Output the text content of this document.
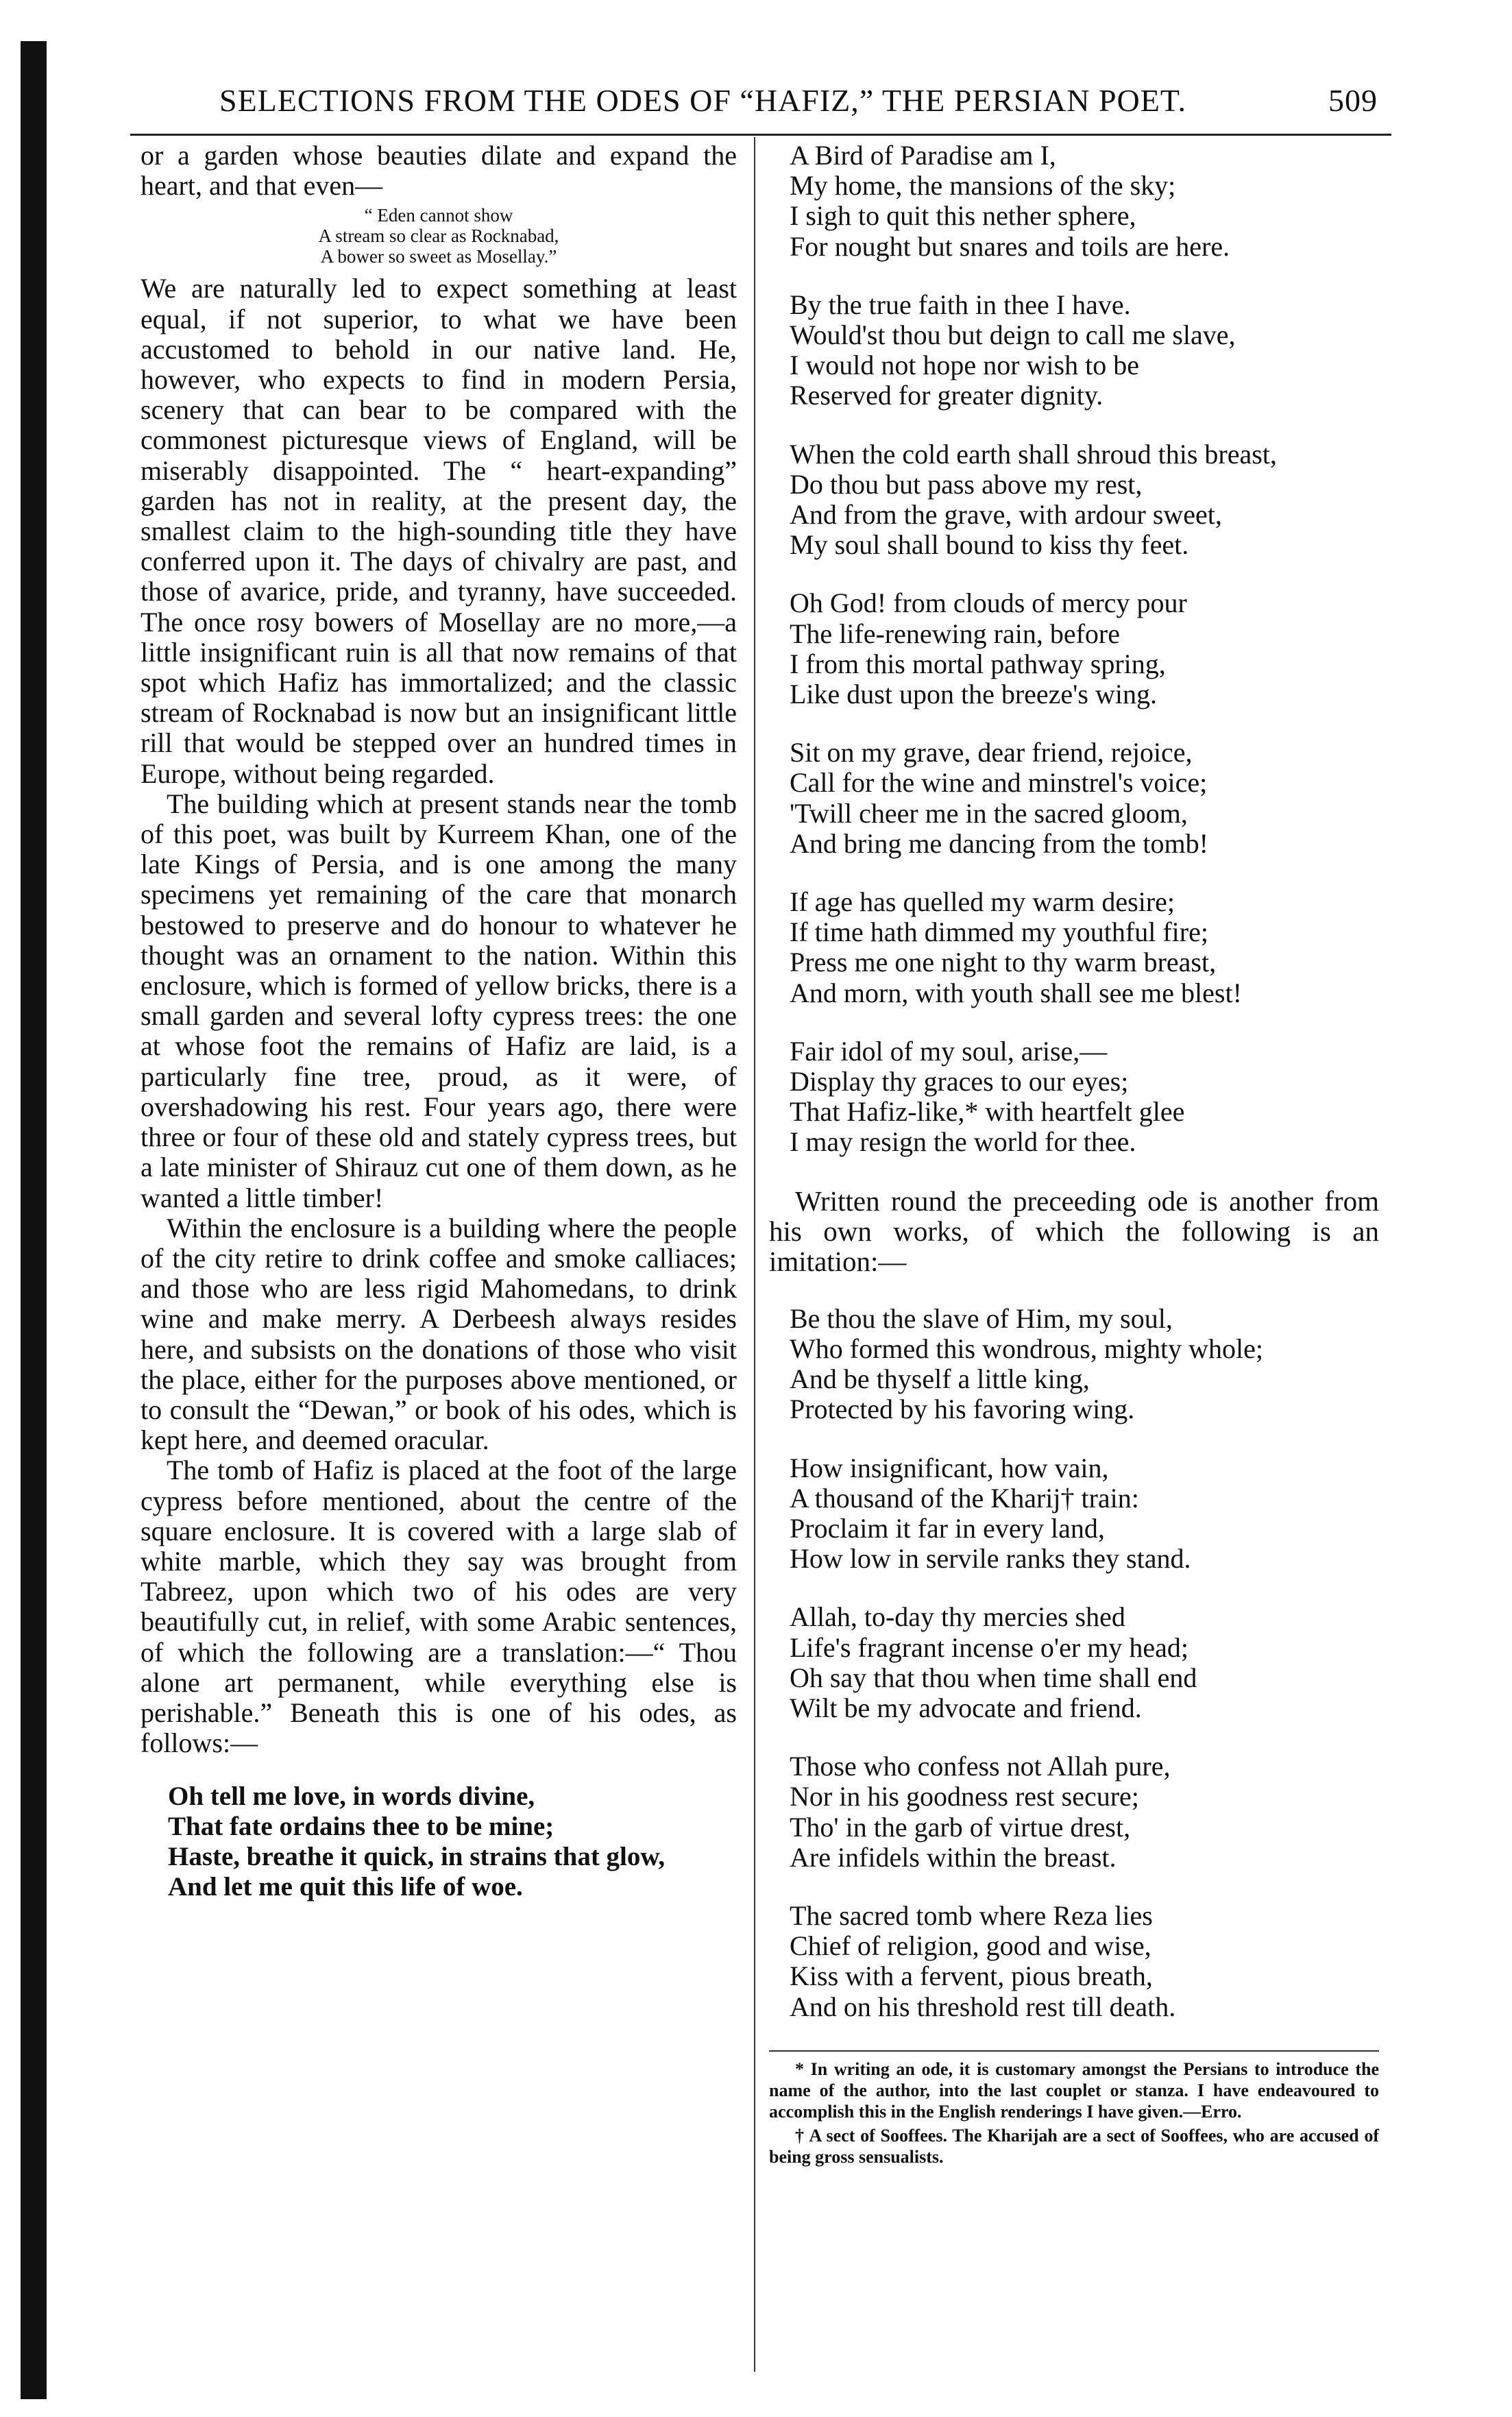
SELECTIONS FROM THE ODES OF “HAFIZ,” THE PERSIAN POET.	509

or a garden whose beauties dilate and expand the heart, and that even—

“ Eden cannot show
A stream so clear as Rocknabad,
A bower so sweet as Mosellay.”

We are naturally led to expect something at least equal, if not superior, to what we have been accustomed to behold in our native land. He, however, who expects to find in modern Persia, scenery that can bear to be compared with the commonest picturesque views of England, will be miserably disappointed. The “ heart-expanding” garden has not in reality, at the present day, the smallest claim to the high-sounding title they have conferred upon it. The days of chivalry are past, and those of avarice, pride, and tyranny, have succeeded. The once rosy bowers of Mosellay are no more,—a little insignificant ruin is all that now remains of that spot which Hafiz has immortalized; and the classic stream of Rocknabad is now but an insignificant little rill that would be stepped over an hundred times in Europe, without being regarded.

The building which at present stands near the tomb of this poet, was built by Kurreem Khan, one of the late Kings of Persia, and is one among the many specimens yet remaining of the care that monarch bestowed to preserve and do honour to whatever he thought was an ornament to the nation. Within this enclosure, which is formed of yellow bricks, there is a small garden and several lofty cypress trees: the one at whose foot the remains of Hafiz are laid, is a particularly fine tree, proud, as it were, of overshadowing his rest. Four years ago, there were three or four of these old and stately cypress trees, but a late minister of Shirauz cut one of them down, as he wanted a little timber!

Within the enclosure is a building where the people of the city retire to drink coffee and smoke calliaces; and those who are less rigid Mahomedans, to drink wine and make merry. A Derbeesh always resides here, and subsists on the donations of those who visit the place, either for the purposes above mentioned, or to consult the “Dewan,” or book of his odes, which is kept here, and deemed oracular.

The tomb of Hafiz is placed at the foot of the large cypress before mentioned, about the centre of the square enclosure. It is covered with a large slab of white marble, which they say was brought from Tabreez, upon which two of his odes are very beautifully cut, in relief, with some Arabic sentences, of which the following are a translation:—“ Thou alone art permanent, while everything else is perishable.” Beneath this is one of his odes, as follows:—

Oh tell me love, in words divine,
That fate ordains thee to be mine;
Haste, breathe it quick, in strains that glow,
And let me quit this life of woe.
A Bird of Paradise am I,
My home, the mansions of the sky;
I sigh to quit this nether sphere,
For nought but snares and toils are here.
By the true faith in thee I have.
Would'st thou but deign to call me slave,
I would not hope nor wish to be
Reserved for greater dignity.
When the cold earth shall shroud this breast,
Do thou but pass above my rest,
And from the grave, with ardour sweet,
My soul shall bound to kiss thy feet.
Oh God! from clouds of mercy pour
The life-renewing rain, before
I from this mortal pathway spring,
Like dust upon the breeze's wing.
Sit on my grave, dear friend, rejoice,
Call for the wine and minstrel's voice;
'Twill cheer me in the sacred gloom,
And bring me dancing from the tomb!
If age has quelled my warm desire;
If time hath dimmed my youthful fire;
Press me one night to thy warm breast,
And morn, with youth shall see me blest!
Fair idol of my soul, arise,—
Display thy graces to our eyes;
That Hafiz-like,* with heartfelt glee
I may resign the world for thee.

Written round the preceeding ode is another from his own works, of which the following is an imitation:—

Be thou the slave of Him, my soul,
Who formed this wondrous, mighty whole;
And be thyself a little king,
Protected by his favoring wing.
How insignificant, how vain,
A thousand of the Kharij† train:
Proclaim it far in every land,
How low in servile ranks they stand.
Allah, to-day thy mercies shed
Life's fragrant incense o'er my head;
Oh say that thou when time shall end
Wilt be my advocate and friend.
Those who confess not Allah pure,
Nor in his goodness rest secure;
Tho' in the garb of virtue drest,
Are infidels within the breast.
The sacred tomb where Reza lies
Chief of religion, good and wise,
Kiss with a fervent, pious breath,
And on his threshold rest till death.

* In writing an ode, it is customary amongst the Persians to introduce the name of the author, into the last couplet or stanza. I have endeavoured to accomplish this in the English renderings I have given.—Erro.

† A sect of Sooffees. The Kharijah are a sect of Sooffees, who are accused of being gross sensualists.
